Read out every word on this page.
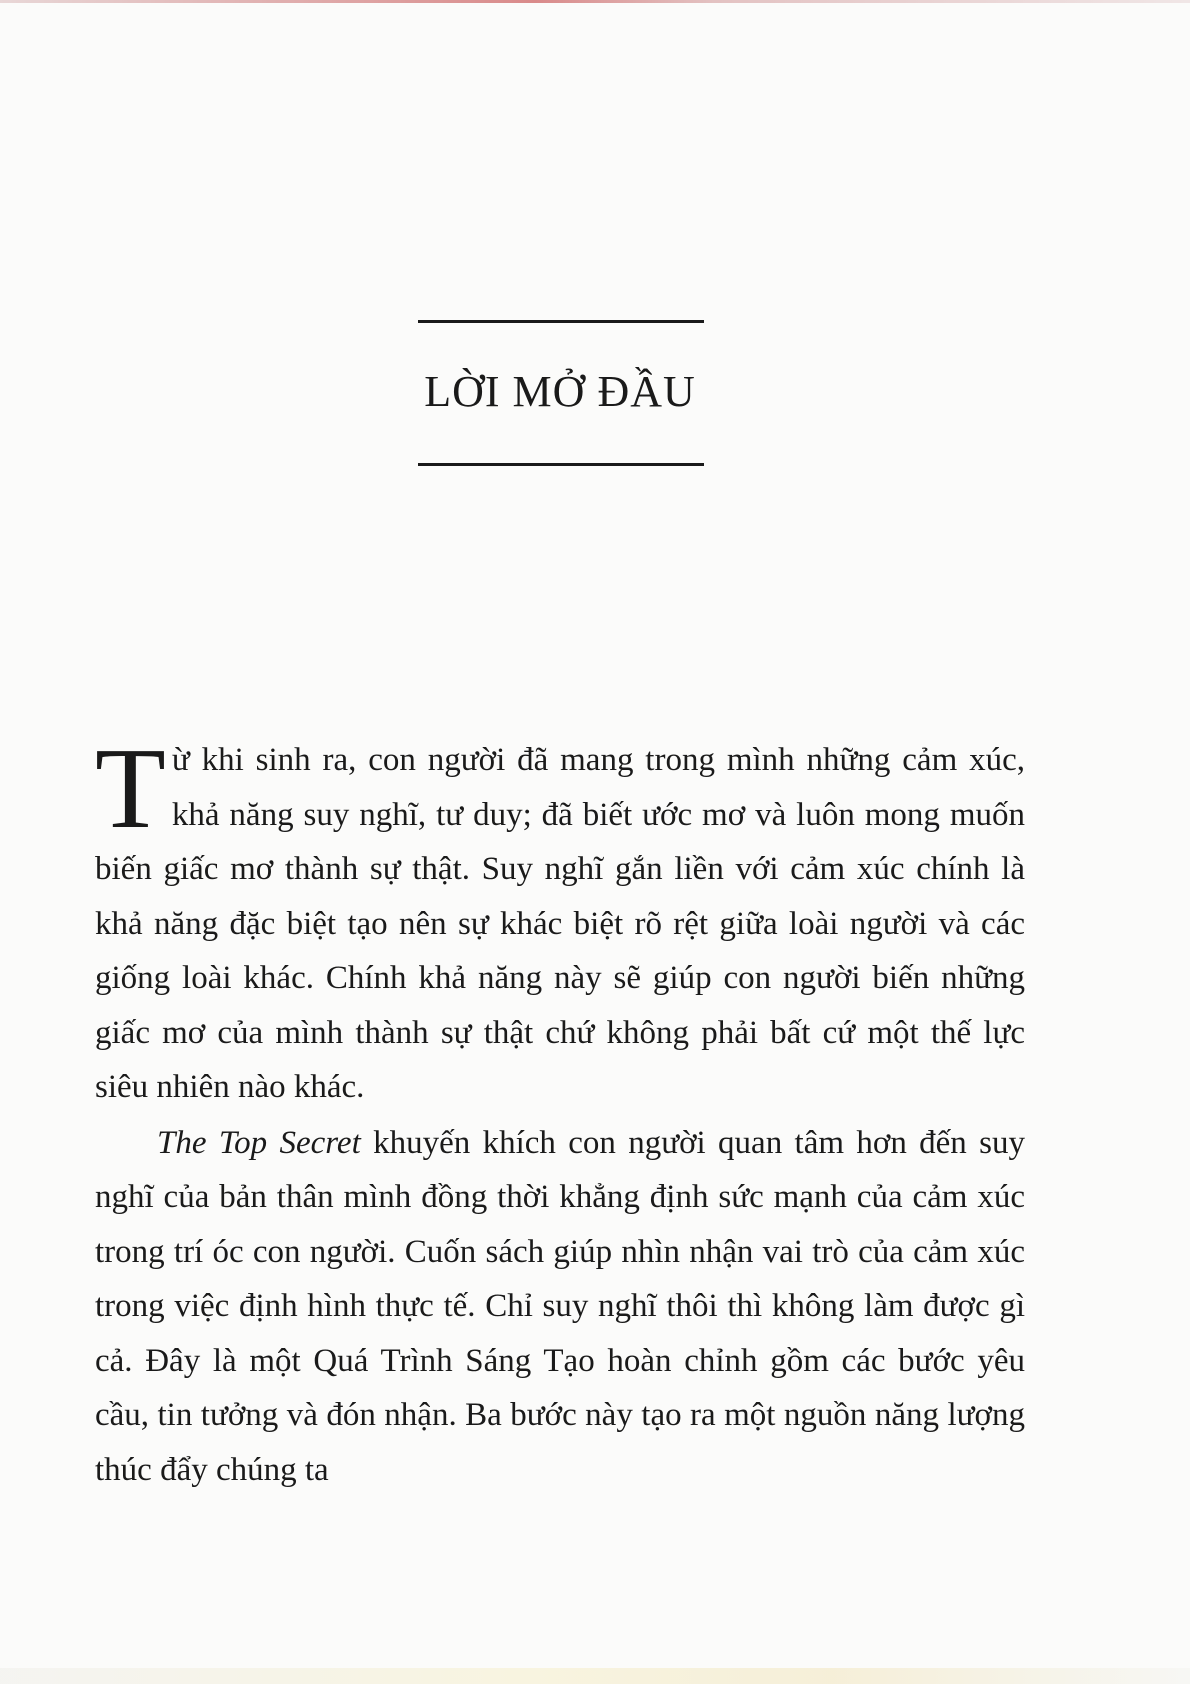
LỜI MỞ ĐẦU

Từ khi sinh ra, con người đã mang trong mình những cảm xúc, khả năng suy nghĩ, tư duy; đã biết ước mơ và luôn mong muốn biến giấc mơ thành sự thật. Suy nghĩ gắn liền với cảm xúc chính là khả năng đặc biệt tạo nên sự khác biệt rõ rệt giữa loài người và các giống loài khác. Chính khả năng này sẽ giúp con người biến những giấc mơ của mình thành sự thật chứ không phải bất cứ một thế lực siêu nhiên nào khác.

The Top Secret khuyến khích con người quan tâm hơn đến suy nghĩ của bản thân mình đồng thời khẳng định sức mạnh của cảm xúc trong trí óc con người. Cuốn sách giúp nhìn nhận vai trò của cảm xúc trong việc định hình thực tế. Chỉ suy nghĩ thôi thì không làm được gì cả. Đây là một Quá Trình Sáng Tạo hoàn chỉnh gồm các bước yêu cầu, tin tưởng và đón nhận. Ba bước này tạo ra một nguồn năng lượng thúc đẩy chúng ta
